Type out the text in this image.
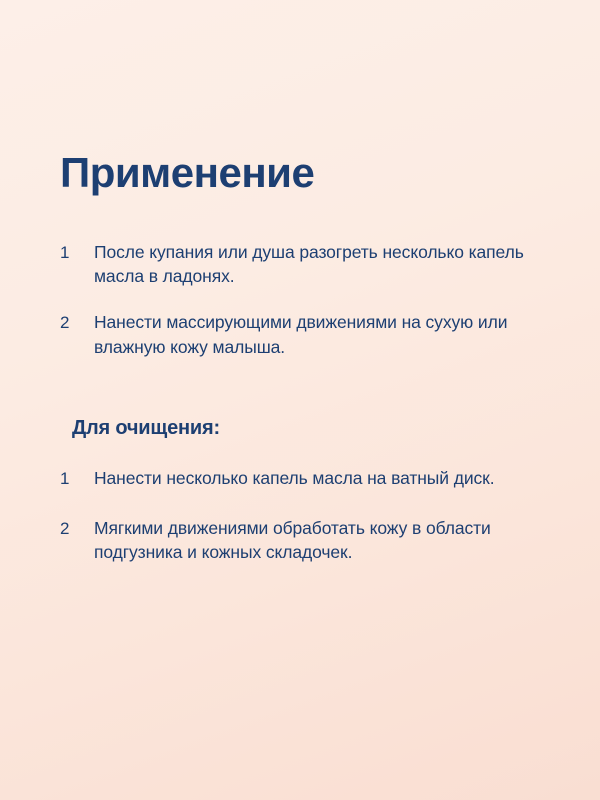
Применение
1	После купания или душа разогреть несколько капель масла в ладонях.
2	Нанести массирующими движениями на сухую или влажную кожу малыша.
Для очищения:
1	Нанести несколько капель масла на ватный диск.
2	Мягкими движениями обработать кожу в области подгузника и кожных складочек.
